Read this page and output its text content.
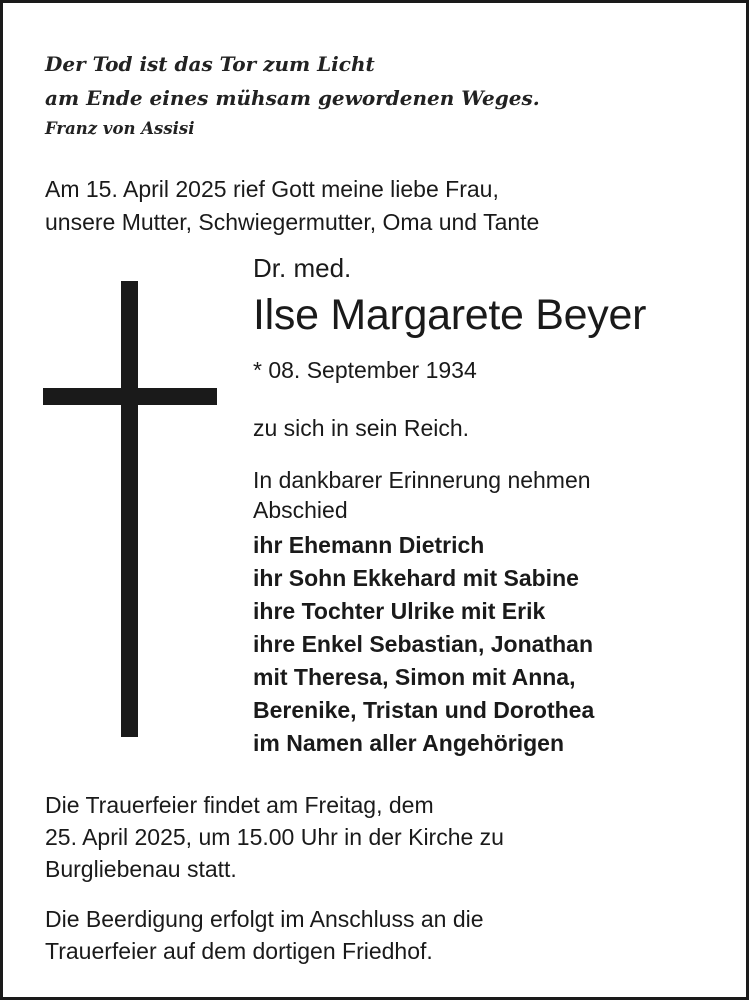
Der Tod ist das Tor zum Licht
am Ende eines mühsam gewordenen Weges.
Franz von Assisi
Am 15. April 2025 rief Gott meine liebe Frau,
unsere Mutter, Schwiegermutter, Oma und Tante
Dr. med.
Ilse Margarete Beyer
* 08. September 1934
zu sich in sein Reich.
In dankbarer Erinnerung nehmen
Abschied
ihr Ehemann Dietrich
ihr Sohn Ekkehard mit Sabine
ihre Tochter Ulrike mit Erik
ihre Enkel Sebastian, Jonathan
mit Theresa, Simon mit Anna,
Berenike, Tristan und Dorothea
im Namen aller Angehörigen
Die Trauerfeier findet am Freitag, dem
25. April 2025, um 15.00 Uhr in der Kirche zu
Burgliebenau statt.
Die Beerdigung erfolgt im Anschluss an die
Trauerfeier auf dem dortigen Friedhof.
